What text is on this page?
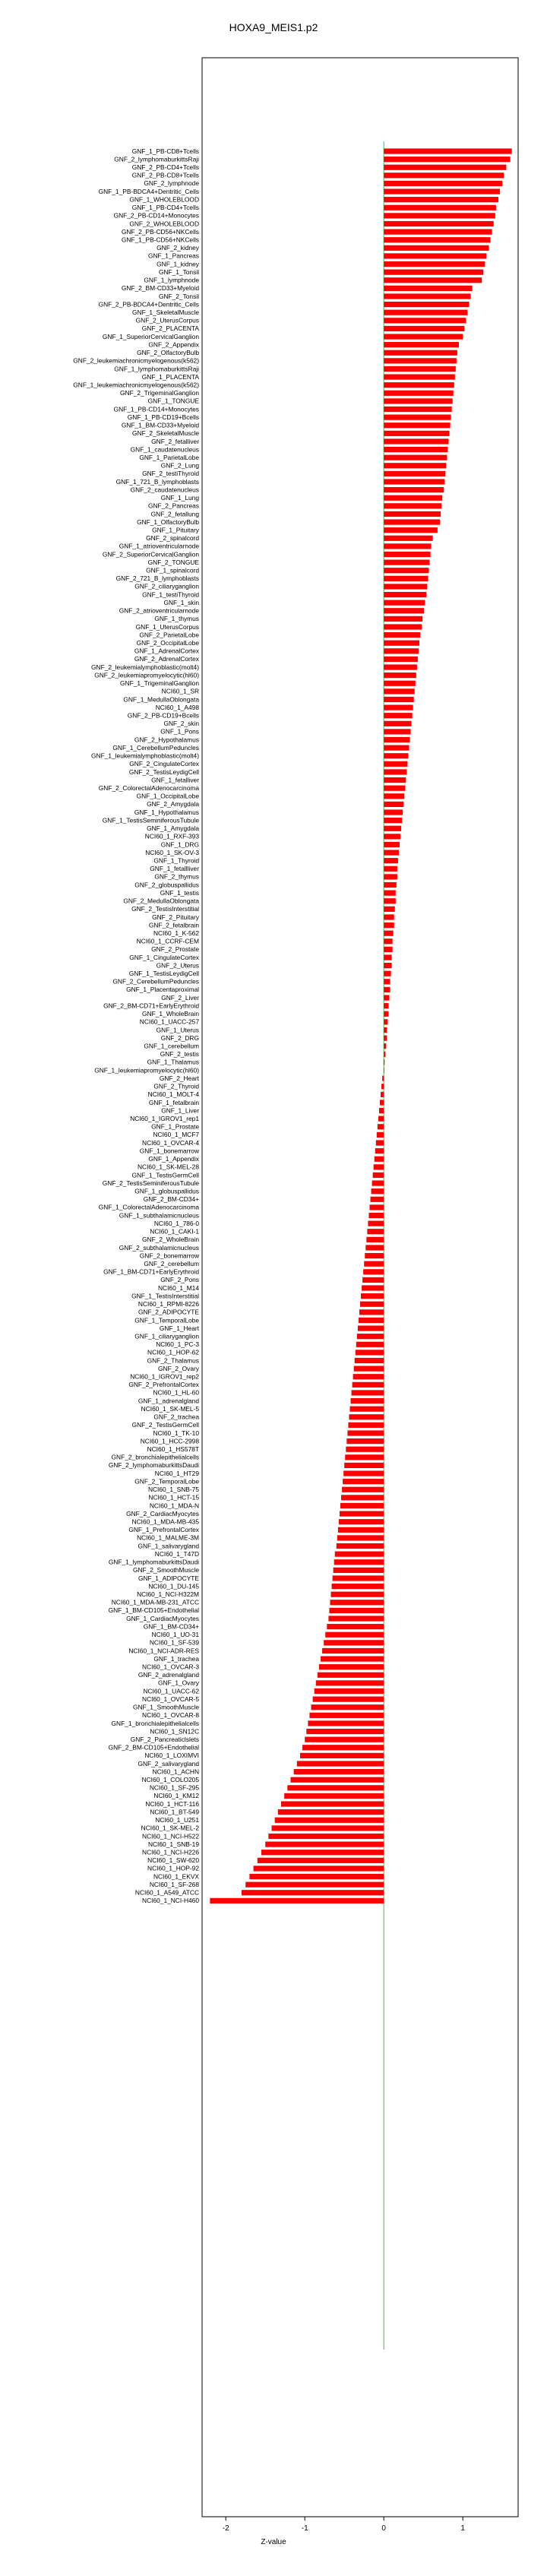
HOXA9_MEIS1.p2
GNF_1_PB-CD8+Tcells
GNF_2_lymphomaburkittsRaji
GNF_2_PB-CD4+Tcells
GNF_2_PB-CD8+Tcells
GNF_2_lymphnode
GNF_1_PB-BDCA4+Dentritic_Cells
GNF_1_WHOLEBLOOD
GNF_1_PB-CD4+Tcells
GNF_2_PB-CD14+Monocytes
GNF_2_WHOLEBLOOD
GNF_2_PB-CD56+NKCells
GNF_1_PB-CD56+NKCells
GNF_2_kidney
GNF_1_Pancreas
GNF_1_kidney
GNF_1_Tonsil
GNF_1_lymphnode
GNF_2_BM-CD33+Myeloid
GNF_2_Tonsil
GNF_2_PB-BDCA4+Dentritic_Cells
GNF_1_SkeletalMuscle
GNF_2_UterusCorpus
GNF_2_PLACENTA
GNF_1_SuperiorCervicalGanglion
GNF_2_Appendix
GNF_2_OlfactoryBulb
GNF_2_leukemiachronicmyelogenous(k562)
GNF_1_lymphomaburkittsRaji
GNF_1_PLACENTA
GNF_1_leukemiachronicmyelogenous(k562)
GNF_2_TrigeminalGanglion
GNF_1_TONGUE
GNF_1_PB-CD14+Monocytes
GNF_1_PB-CD19+Bcells
GNF_1_BM-CD33+Myeloid
GNF_2_SkeletalMuscle
GNF_2_fetalliver
GNF_1_caudatenucleus
GNF_1_ParietalLobe
GNF_2_Lung
GNF_2_testiThyroid
GNF_1_721_B_lymphoblasts
GNF_2_caudatenucleus
GNF_1_Lung
GNF_2_Pancreas
GNF_2_fetallung
GNF_1_OlfactoryBulb
GNF_1_Pituitary
GNF_2_spinalcord
GNF_1_atrioventricularnode
GNF_2_SuperiorCervicalGanglion
GNF_2_TONGUE
GNF_1_spinalcord
GNF_2_721_B_lymphoblasts
GNF_2_ciliaryganglion
GNF_1_testiThyroid
GNF_1_skin
GNF_2_atrioventricularnode
GNF_1_thymus
GNF_1_UterusCorpus
GNF_2_ParietalLobe
GNF_2_OccipitalLobe
GNF_1_AdrenalCortex
GNF_2_AdrenalCortex
GNF_2_leukemialymphoblastic(molt4)
GNF_2_leukemiapromyelocytic(hl60)
GNF_1_TrigeminalGanglion
NCI60_1_SR
GNF_1_MedullaOblongata
NCI60_1_A498
GNF_2_PB-CD19+Bcells
GNF_2_skin
GNF_1_Pons
GNF_2_Hypothalamus
GNF_1_CerebellumPeduncles
GNF_1_leukemialymphoblastic(molt4)
GNF_2_CingulateCortex
GNF_2_TestisLeydigCell
GNF_1_fetalliver
GNF_2_ColorectalAdenocarcinoma
GNF_1_OccipitalLobe
GNF_2_Amygdala
GNF_1_Hypothalamus
GNF_1_TestisSeminiferousTubule
GNF_1_Amygdala
NCI60_1_RXF-393
GNF_1_DRG
NCI60_1_SK-OV-3
GNF_1_Thyroid
GNF_1_fetallliver
GNF_2_thymus
GNF_2_globuspallidus
GNF_1_testis
GNF_2_MedullaOblongata
GNF_2_TestisInterstitial
GNF_2_Pituitary
GNF_2_fetalbrain
NCI60_1_K-562
NCI60_1_CCRF-CEM
GNF_2_Prostate
GNF_1_CingulateCortex
GNF_2_Uterus
GNF_1_TestisLeydigCell
GNF_2_CerebellumPeduncles
GNF_1_Placentaproximal
GNF_2_Liver
GNF_2_BM-CD71+EarlyErythroid
GNF_1_WholeBrain
NCI60_1_UACC-257
GNF_1_Uterus
GNF_2_DRG
GNF_1_cerebellum
GNF_2_testis
GNF_1_Thalamus
GNF_1_leukemiapromyelocytic(hl60)
GNF_2_Heart
GNF_2_Thyroid
NCI60_1_MOLT-4
GNF_1_fetalbrain
GNF_1_Liver
NCI60_1_IGROV1_rep1
GNF_1_Prostate
NCI60_1_MCF7
NCI60_1_OVCAR-4
GNF_1_bonemarrow
GNF_1_Appendix
NCI60_1_SK-MEL-28
GNF_1_TestisGermCell
GNF_2_TestisSeminiferousTubule
GNF_1_globuspallidus
GNF_2_BM-CD34+
GNF_1_ColorectalAdenocarcinoma
GNF_1_subthalamicnucleus
NCI60_1_786-0
NCI60_1_CAKI-1
GNF_2_WholeBrain
GNF_2_subthalamicnucleus
GNF_2_bonemarrow
GNF_2_cerebellum
GNF_1_BM-CD71+EarlyErythroid
GNF_2_Pons
NCI60_1_M14
GNF_1_TestisInterstitial
NCI60_1_RPMI-8226
GNF_2_ADIPOCYTE
GNF_1_TemporalLobe
GNF_1_Heart
GNF_1_ciliaryganglion
NCI60_1_PC-3
NCI60_1_HOP-62
GNF_2_Thalamus
GNF_2_Ovary
NCI60_1_IGROV1_rep2
GNF_2_PrefrontalCortex
NCI60_1_HL-60
GNF_1_adrenalgland
NCI60_1_SK-MEL-5
GNF_2_trachea
GNF_2_TestisGermCell
NCI60_1_TK-10
NCI60_1_HCC-2998
NCI60_1_HS578T
GNF_2_bronchialepithelialcells
GNF_2_lymphomaburkittsDaudi
NCI60_1_HT29
GNF_2_TemporalLobe
NCI60_1_SNB-75
NCI60_1_HCT-15
NCI60_1_MDA-N
GNF_2_CardiacMyocytes
NCI60_1_MDA-MB-435
GNF_1_PrefrontalCortex
NCI60_1_MALME-3M
GNF_1_salivarygland
NCI60_1_T47D
GNF_1_lymphomaburkittsDaudi
GNF_2_SmoothMuscle
GNF_1_ADIPOCYTE
NCI60_1_DU-145
NCI60_1_NCI-H322M
NCI60_1_MDA-MB-231_ATCC
GNF_1_BM-CD105+Endothelial
GNF_1_CardiacMyocytes
GNF_1_BM-CD34+
NCI60_1_UO-31
NCI60_1_SF-539
NCI60_1_NCI-ADR-RES
GNF_1_trachea
NCI60_1_OVCAR-3
GNF_2_adrenalgland
GNF_1_Ovary
NCI60_1_UACC-62
NCI60_1_OVCAR-5
GNF_1_SmoothMuscle
NCI60_1_OVCAR-8
GNF_1_bronchialepithelialcells
NCI60_1_SN12C
GNF_2_Pancreaticlslets
GNF_2_BM-CD105+Endothelial
NCI60_1_LOXIMVI
GNF_2_salivarygland
NCI60_1_ACHN
NCI60_1_COLO205
NCI60_1_SF-295
NCI60_1_KM12
NCI60_1_HCT-116
NCI60_1_BT-549
NCI60_1_U251
NCI60_1_SK-MEL-2
NCI60_1_NCI-H522
NCI60_1_SNB-19
NCI60_1_NCI-H226
NCI60_1_SW-620
NCI60_1_HOP-92
NCI60_1_EKVX
NCI60_1_SF-268
NCI60_1_A549_ATCC
NCI60_1_NCI-H460
-2	-1	0	1
Z-value
